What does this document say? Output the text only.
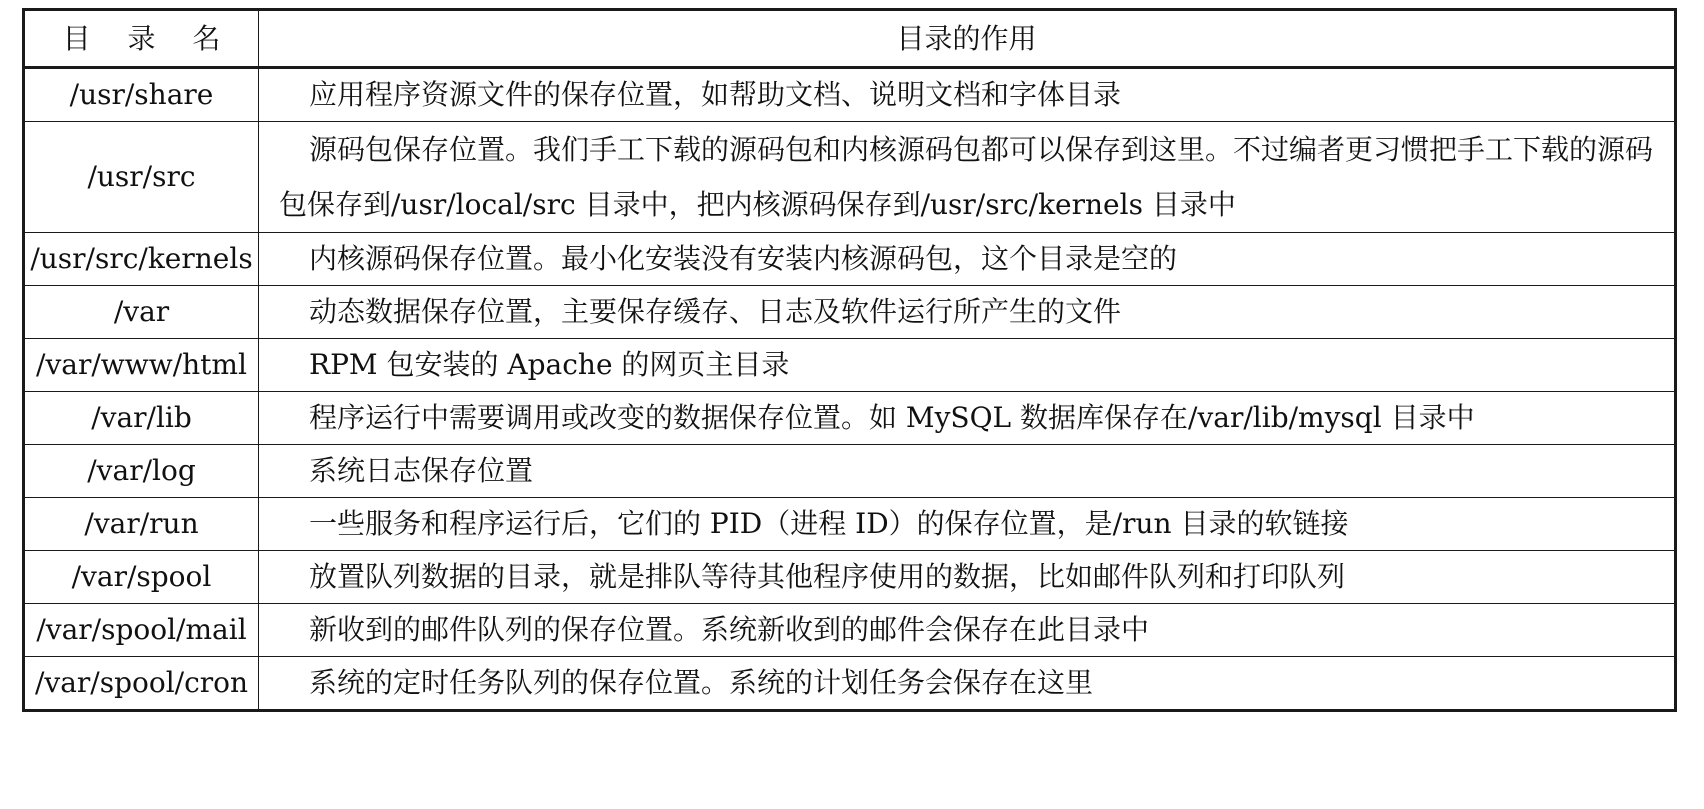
目 录 名	目录的作用
/usr/share	应用程序资源文件的保存位置，如帮助文档、说明文档和字体目录
/usr/src	源码包保存位置。我们手工下载的源码包和内核源码包都可以保存到这里。不过编者更习惯把手工下载的源码包保存到/usr/local/src 目录中，把内核源码保存到/usr/src/kernels 目录中
/usr/src/kernels	内核源码保存位置。最小化安装没有安装内核源码包，这个目录是空的
/var	动态数据保存位置，主要保存缓存、日志及软件运行所产生的文件
/var/www/html	RPM 包安装的 Apache 的网页主目录
/var/lib	程序运行中需要调用或改变的数据保存位置。如 MySQL 数据库保存在/var/lib/mysql 目录中
/var/log	系统日志保存位置
/var/run	一些服务和程序运行后，它们的 PID（进程 ID）的保存位置，是/run 目录的软链接
/var/spool	放置队列数据的目录，就是排队等待其他程序使用的数据，比如邮件队列和打印队列
/var/spool/mail	新收到的邮件队列的保存位置。系统新收到的邮件会保存在此目录中
/var/spool/cron	系统的定时任务队列的保存位置。系统的计划任务会保存在这里
